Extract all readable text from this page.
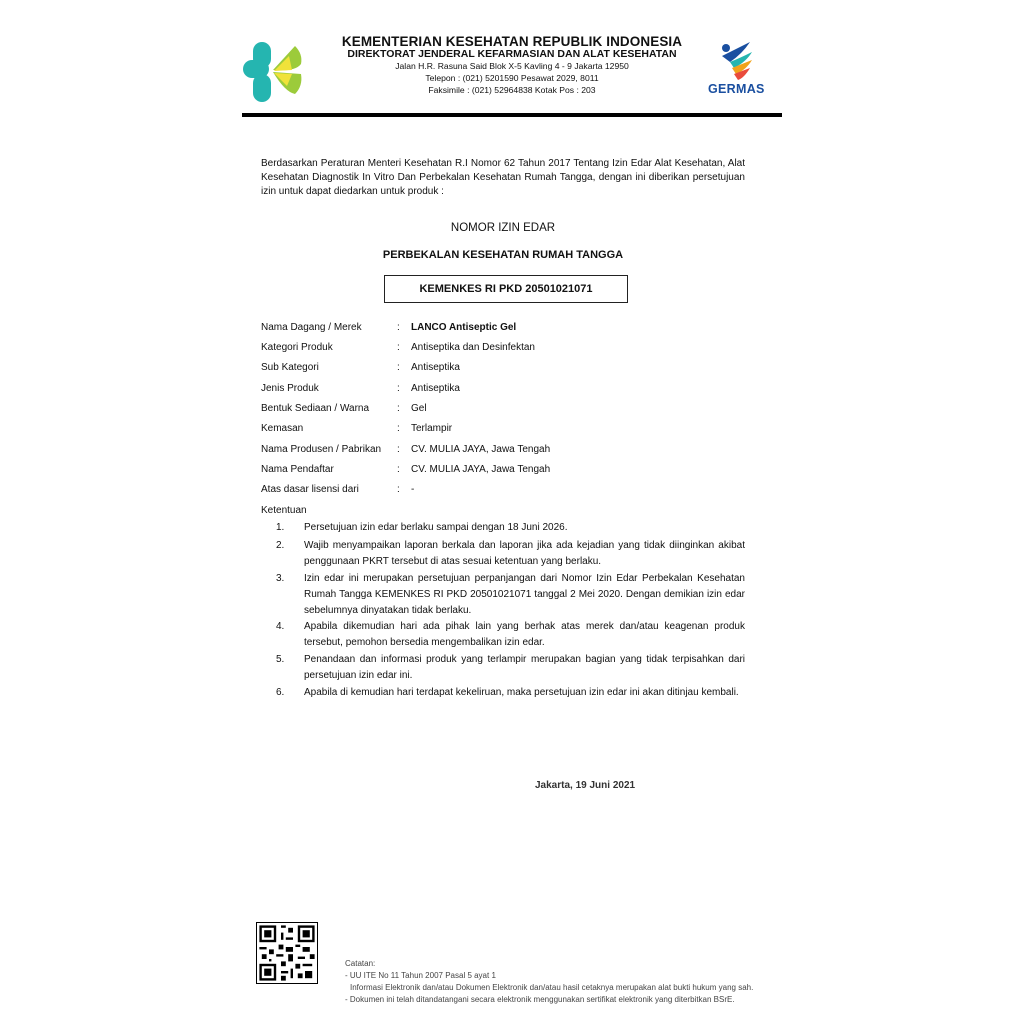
KEMENTERIAN KESEHATAN REPUBLIK INDONESIA
DIREKTORAT JENDERAL KEFARMASIAN DAN ALAT KESEHATAN
Jalan H.R. Rasuna Said Blok X-5 Kavling 4 - 9 Jakarta 12950
Telepon : (021) 5201590 Pesawat 2029, 8011
Faksimile : (021) 52964838 Kotak Pos : 203	GERMAS
Berdasarkan Peraturan Menteri Kesehatan R.I Nomor 62 Tahun 2017 Tentang Izin Edar Alat Kesehatan, Alat Kesehatan Diagnostik In Vitro Dan Perbekalan Kesehatan Rumah Tangga, dengan ini diberikan persetujuan izin untuk dapat diedarkan untuk produk :
NOMOR IZIN EDAR
PERBEKALAN KESEHATAN RUMAH TANGGA
KEMENKES RI PKD 20501021071
Nama Dagang / Merek	:	LANCO Antiseptic Gel
Kategori Produk	:	Antiseptika dan Desinfektan
Sub Kategori	:	Antiseptika
Jenis Produk	:	Antiseptika
Bentuk Sediaan / Warna	:	Gel
Kemasan	:	Terlampir
Nama Produsen / Pabrikan	:	CV. MULIA JAYA, Jawa Tengah
Nama Pendaftar	:	CV. MULIA JAYA, Jawa Tengah
Atas dasar lisensi dari	:	-
Ketentuan
1.	Persetujuan izin edar berlaku sampai dengan 18 Juni 2026.
2.	Wajib menyampaikan laporan berkala dan laporan jika ada kejadian yang tidak diinginkan akibat penggunaan PKRT tersebut di atas sesuai ketentuan yang berlaku.
3.	Izin edar ini merupakan persetujuan perpanjangan dari Nomor Izin Edar Perbekalan Kesehatan Rumah Tangga KEMENKES RI PKD 20501021071 tanggal 2 Mei 2020. Dengan demikian izin edar sebelumnya dinyatakan tidak berlaku.
4.	Apabila dikemudian hari ada pihak lain yang berhak atas merek dan/atau keagenan produk tersebut, pemohon bersedia mengembalikan izin edar.
5.	Penandaan dan informasi produk yang terlampir merupakan bagian yang tidak terpisahkan dari persetujuan izin edar ini.
6.	Apabila di kemudian hari terdapat kekeliruan, maka persetujuan izin edar ini akan ditinjau kembali.
Jakarta, 19 Juni 2021
Catatan:
- UU ITE No 11 Tahun 2007 Pasal 5 ayat 1
Informasi Elektronik dan/atau Dokumen Elektronik dan/atau hasil cetaknya merupakan alat bukti hukum yang sah.
- Dokumen ini telah ditandatangani secara elektronik menggunakan sertifikat elektronik yang diterbitkan BSrE.
